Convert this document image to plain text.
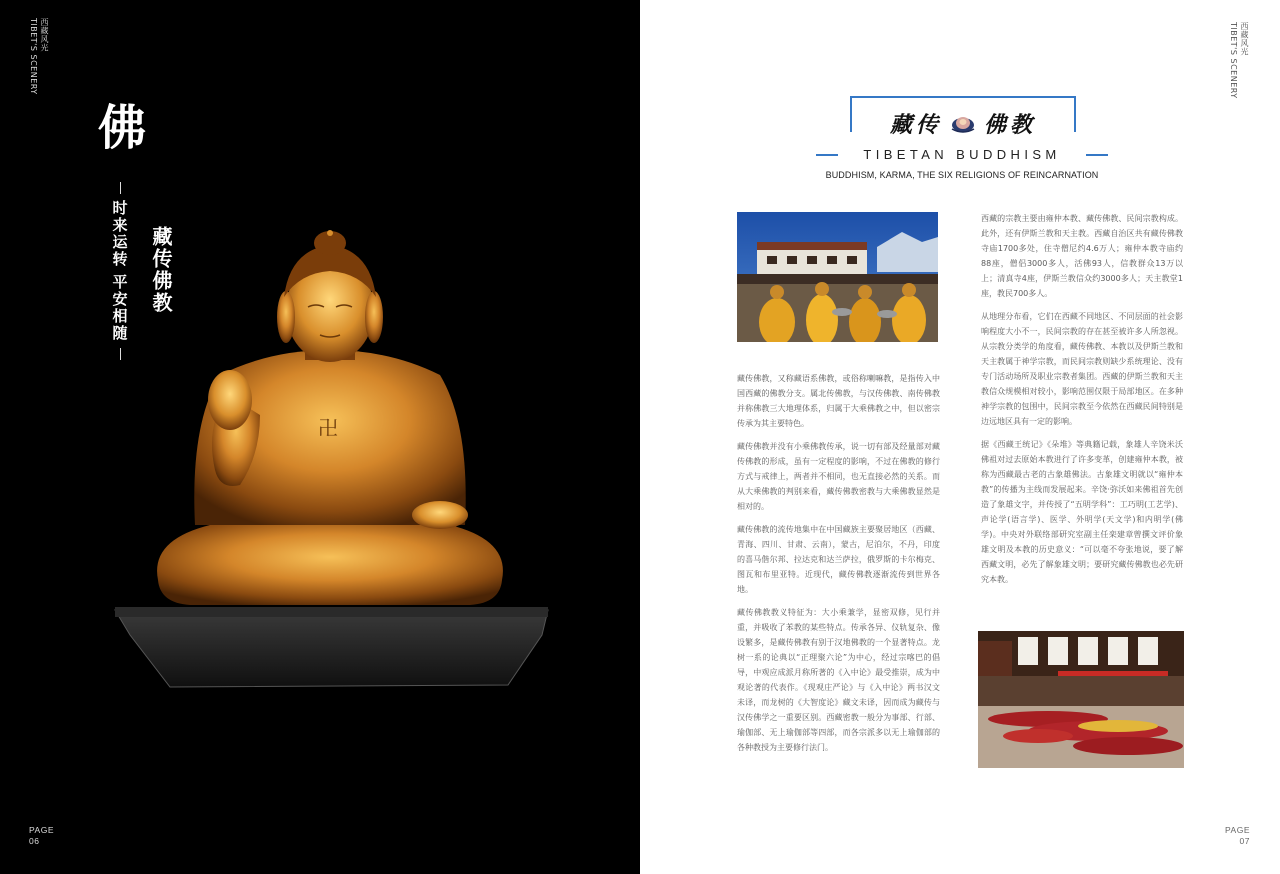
西藏风光
TIBET'S SCENERY
佛
时来运转平安相随 藏传佛教
卍
PAGE
06
西藏风光
TIBET'S SCENERY
藏传 佛教
TIBETAN BUDDHISM
BUDDHISM, KARMA, THE SIX RELIGIONS OF REINCARNATION

藏传佛教，又称藏语系佛教，或俗称喇嘛教，是指传入中国西藏的佛教分支。属北传佛教，与汉传佛教、南传佛教并称佛教三大地理体系，归属于大乘佛教之中，但以密宗传承为其主要特色。

藏传佛教并没有小乘佛教传承，说一切有部及经量部对藏传佛教的形成，虽有一定程度的影响，不过在佛教的修行方式与戒律上，两者并不相同，也无直接必然的关系。而从大乘佛教的判别来看，藏传佛教密教与大乘佛教显然是相对的。

藏传佛教的流传地集中在中国藏族主要聚居地区（西藏、青海、四川、甘肃、云南），蒙古，尼泊尔，不丹，印度的喜马偕尔邦、拉达克和达兰萨拉，俄罗斯的卡尔梅克、图瓦和布里亚特。近现代，藏传佛教逐渐流传到世界各地。

藏传佛教教义特征为：大小乘兼学，显密双修，见行并重，并吸收了苯教的某些特点。传承各异、仪轨复杂、像设繁多，是藏传佛教有别于汉地佛教的一个显著特点。龙树一系的论典以“正理聚六论”为中心，经过宗喀巴的倡导，中观应成派月称所著的《入中论》最受推崇，成为中观论著的代表作。《现观庄严论》与《入中论》两书汉文未译，而龙树的《大智度论》藏文未译，因而成为藏传与汉传佛学之一重要区别。西藏密教一般分为事部、行部、瑜伽部、无上瑜伽部等四部，而各宗派多以无上瑜伽部的各种教授为主要修行法门。

西藏的宗教主要由雍仲本教、藏传佛教、民间宗教构成。此外，还有伊斯兰教和天主教。西藏自治区共有藏传佛教寺庙1700多处，住寺僧尼约4.6万人；雍仲本教寺庙约88座，僧侣3000多人，活佛93人，信教群众13万以上；清真寺4座，伊斯兰教信众约3000多人；天主教堂1座，教民700多人。

从地理分布看，它们在西藏不同地区、不同层面的社会影响程度大小不一，民间宗教的存在甚至被许多人所忽视。从宗教分类学的角度看，藏传佛教、本教以及伊斯兰教和天主教属于神学宗教，而民间宗教则缺少系统理论、没有专门活动场所及职业宗教者集团。西藏的伊斯兰教和天主教信众规模相对较小，影响范围仅限于局部地区。在多种神学宗教的包围中，民间宗教至今依然在西藏民间特别是边远地区具有一定的影响。

据《西藏王统记》《朵堆》等典籍记载，象雄人辛饶米沃佛祖对过去原始本教进行了许多变革，创建雍仲本教，被称为西藏最古老的古象雄佛法。古象雄文明就以“雍仲本教”的传播为主线而发展起来。辛饶·弥沃如来佛祖首先创造了象雄文字，并传授了“五明学科”：工巧明(工艺学)、声论学(语言学)、医学、外明学(天文学)和内明学(佛学)。中央对外联络部研究室副主任栾建章曾撰文评价象雄文明及本教的历史意义：“可以毫不夸张地说，要了解西藏文明，必先了解象雄文明；要研究藏传佛教也必先研究本教。

PAGE
07
